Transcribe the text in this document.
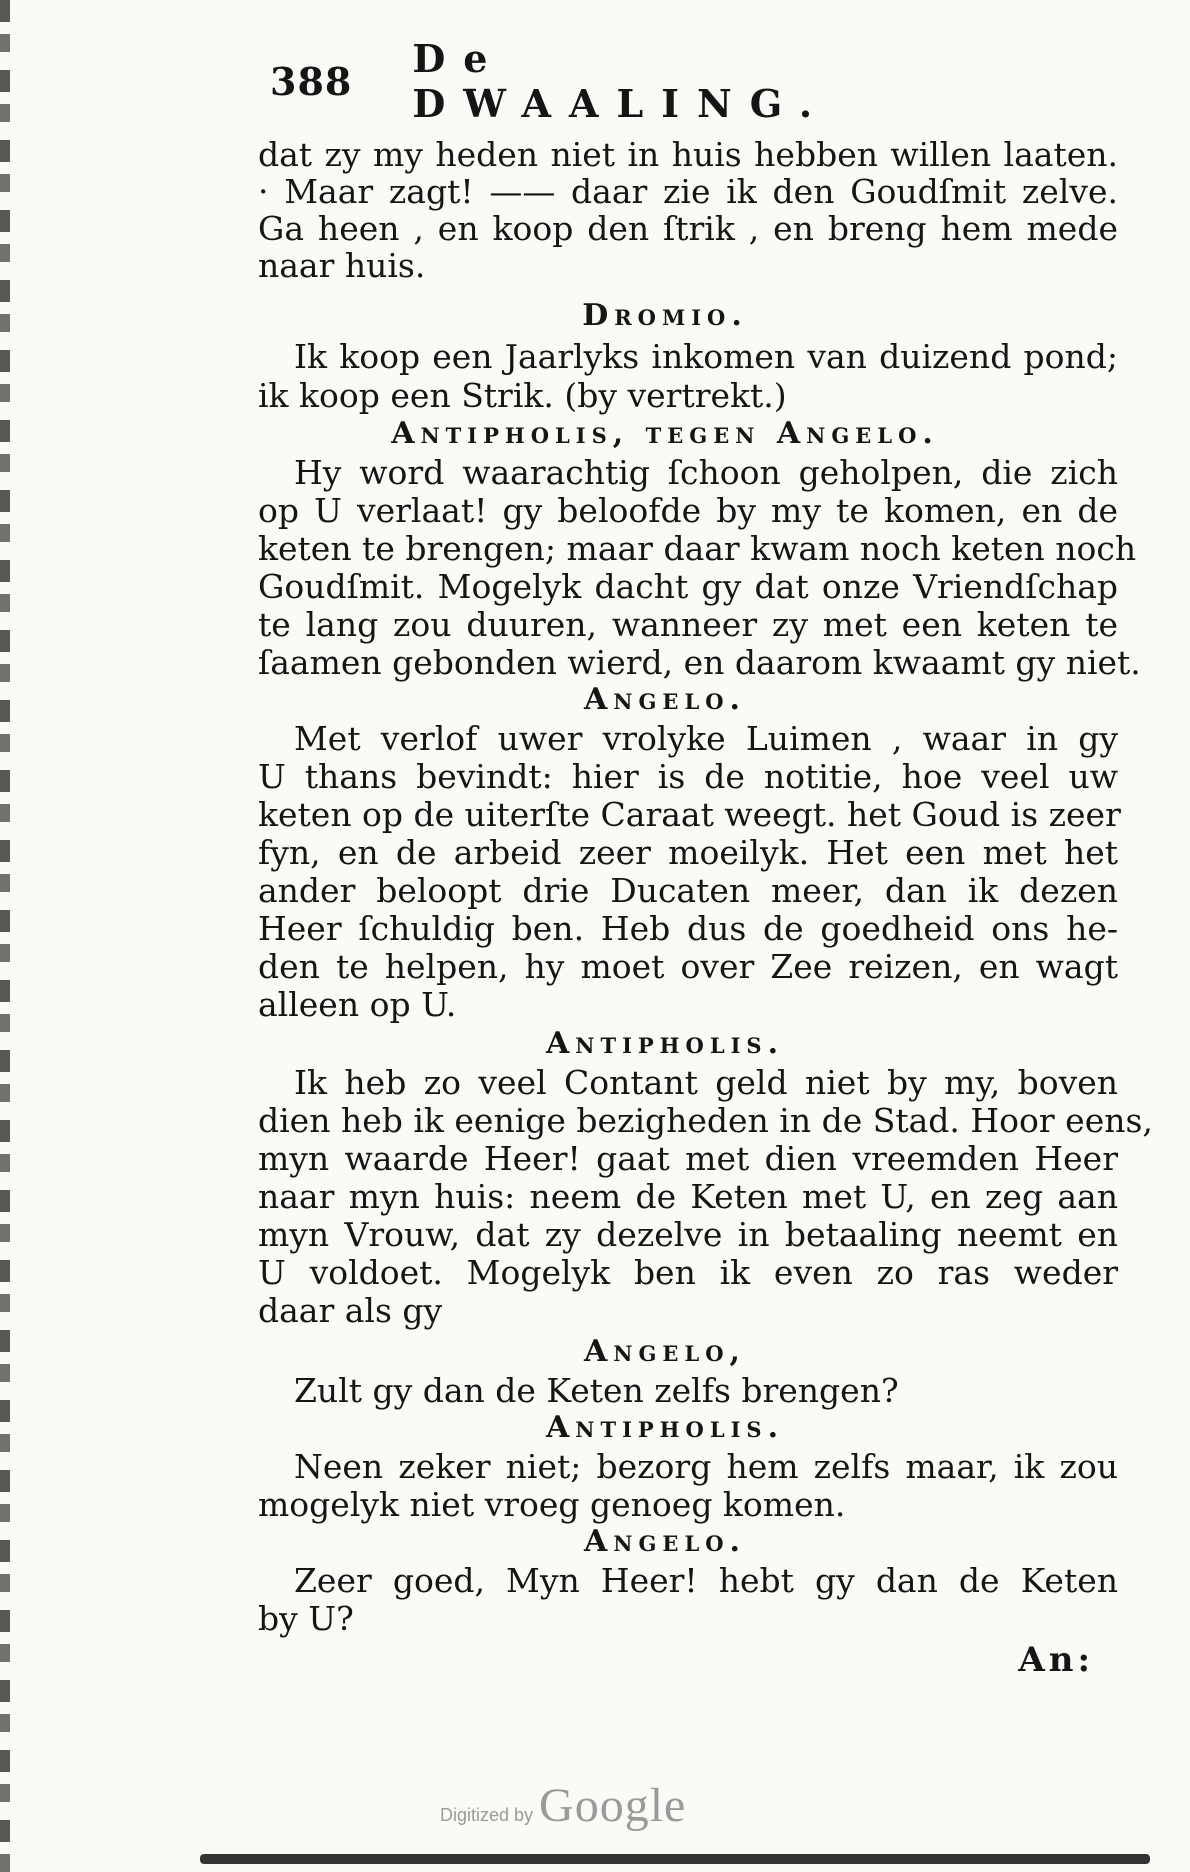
388 De DWAALING.
dat zy my heden niet in huis hebben willen laaten.
· Maar zagt! —— daar zie ik den Goudſmit zelve.
Ga heen , en koop den ſtrik , en breng hem mede
naar huis.
Dromio.
Ik koop een Jaarlyks inkomen van duizend pond;
ik koop een Strik. (by vertrekt.)
Antipholis, tegen Angelo.
Hy word waarachtig ſchoon geholpen, die zich
op U verlaat! gy beloofde by my te komen, en de
keten te brengen; maar daar kwam noch keten noch
Goudſmit. Mogelyk dacht gy dat onze Vriendſchap
te lang zou duuren, wanneer zy met een keten te
ſaamen gebonden wierd, en daarom kwaamt gy niet.
Angelo.
Met verlof uwer vrolyke Luimen , waar in gy
U thans bevindt: hier is de notitie, hoe veel uw
keten op de uiterſte Caraat weegt. het Goud is zeer
fyn, en de arbeid zeer moeilyk. Het een met het
ander beloopt drie Ducaten meer, dan ik dezen
Heer ſchuldig ben. Heb dus de goedheid ons he-
den te helpen, hy moet over Zee reizen, en wagt
alleen op U.
Antipholis.
Ik heb zo veel Contant geld niet by my, boven
dien heb ik eenige bezigheden in de Stad. Hoor eens,
myn waarde Heer! gaat met dien vreemden Heer
naar myn huis: neem de Keten met U, en zeg aan
myn Vrouw, dat zy dezelve in betaaling neemt en
U voldoet. Mogelyk ben ik even zo ras weder
daar als gy
Angelo,
Zult gy dan de Keten zelfs brengen?
Antipholis.
Neen zeker niet; bezorg hem zelfs maar, ik zou
mogelyk niet vroeg genoeg komen.
Angelo.
Zeer goed, Myn Heer! hebt gy dan de Keten
by U?
An:
Digitized by Google
